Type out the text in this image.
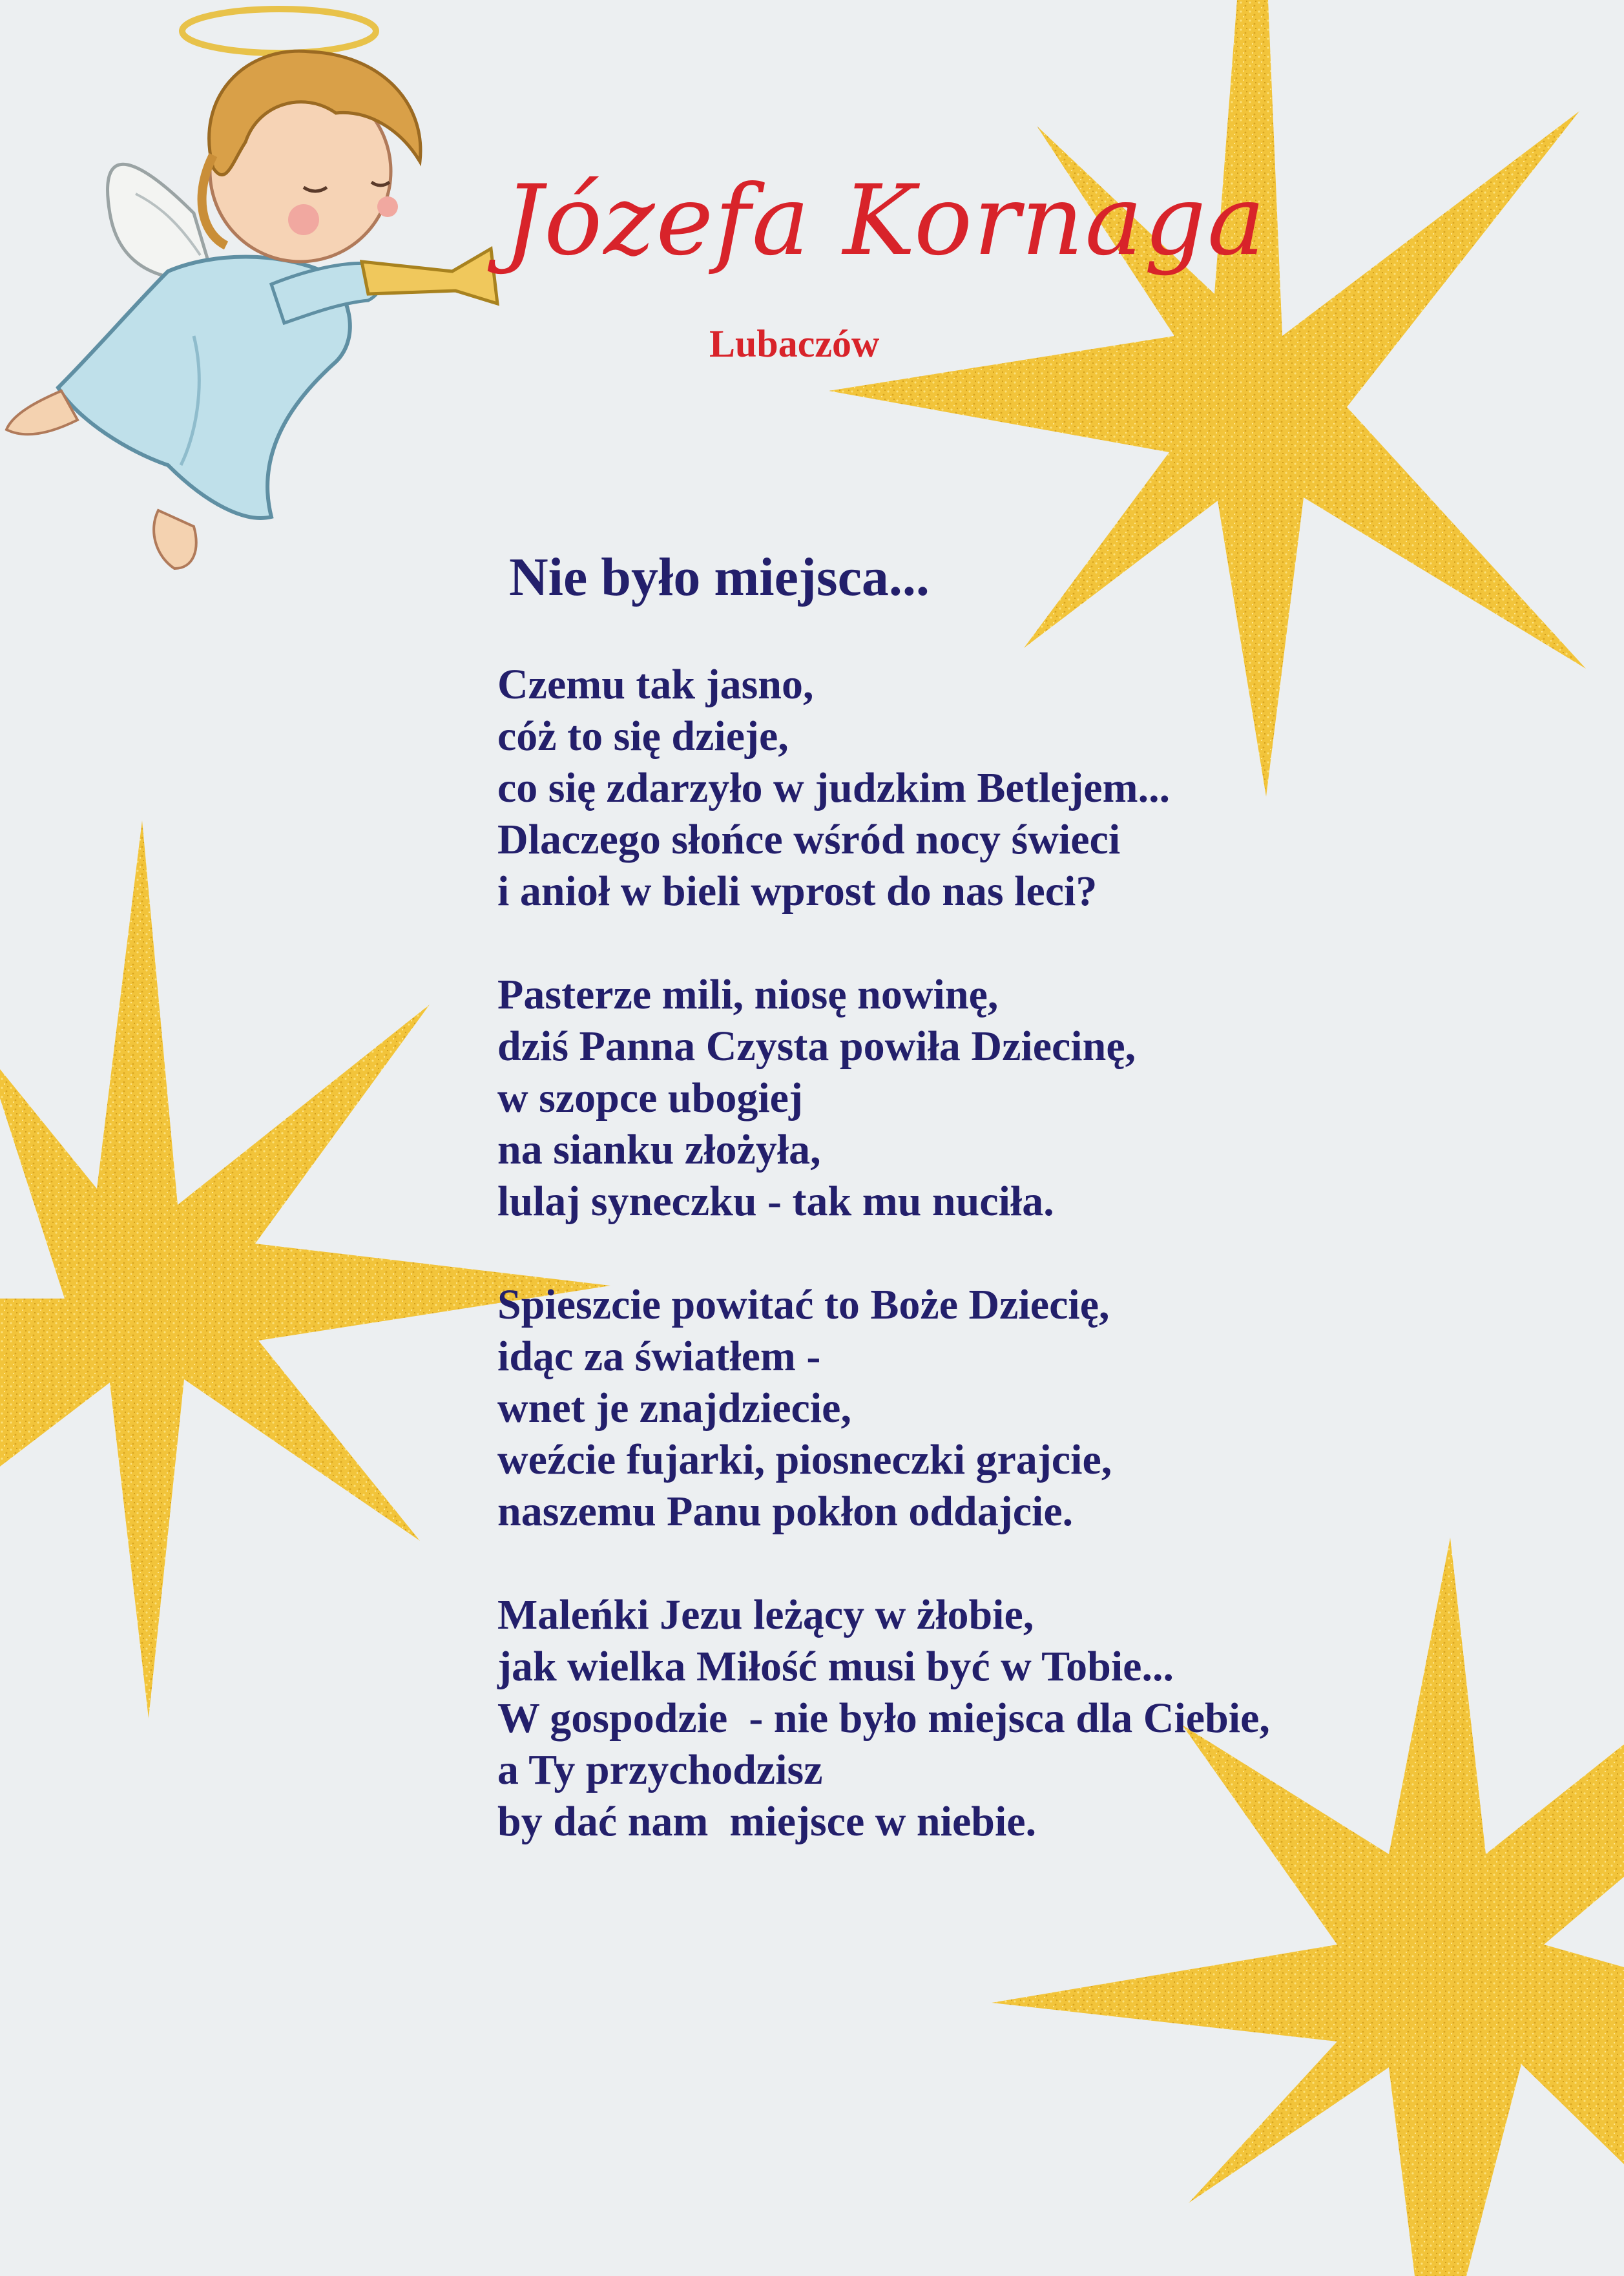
Józefa Kornaga
Lubaczów
Nie było miejsca...
Czemu tak jasno,
cóż to się dzieje,
co się zdarzyło w judzkim Betlejem...
Dlaczego słońce wśród nocy świeci
i anioł w bieli wprost do nas leci?
Pasterze mili, niosę nowinę,
dziś Panna Czysta powiła Dziecinę,
w szopce ubogiej
na sianku złożyła,
lulaj syneczku - tak mu nuciła.
Spieszcie powitać to Boże Dziecię,
idąc za światłem -
wnet je znajdziecie,
weźcie fujarki, piosneczki grajcie,
naszemu Panu pokłon oddajcie.
Maleńki Jezu leżący w żłobie,
jak wielka Miłość musi być w Tobie...
W gospodzie  - nie było miejsca dla Ciebie,
a Ty przychodzisz
by dać nam  miejsce w niebie.
